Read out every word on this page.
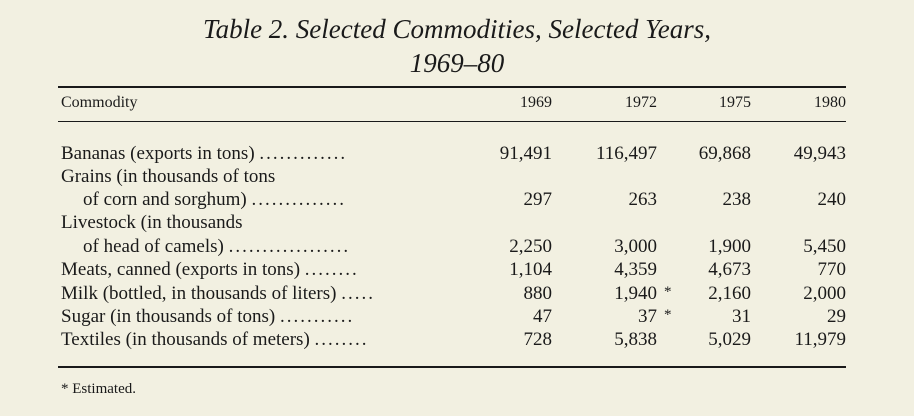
Table 2. Selected Commodities, Selected Years,
1969–80
Commodity	1969	1972	1975	1980
Bananas (exports in tons) .............	91,491 116,497 69,868 49,943
Grains (in thousands of tons
of corn and sorghum) ..............	297	263	238	240
Livestock (in thousands
of head of camels) ..................	2,250	3,000	1,900	5,450
Meats, canned (exports in tons) ........	1,104	4,359	4,673	770
Milk (bottled, in thousands of liters) .....	880	1,940 * 2,160	2,000
Sugar (in thousands of tons) ...........	47	37 *	31	29
Textiles (in thousands of meters) ........	728	5,838	5,029 11,979
* Estimated.
